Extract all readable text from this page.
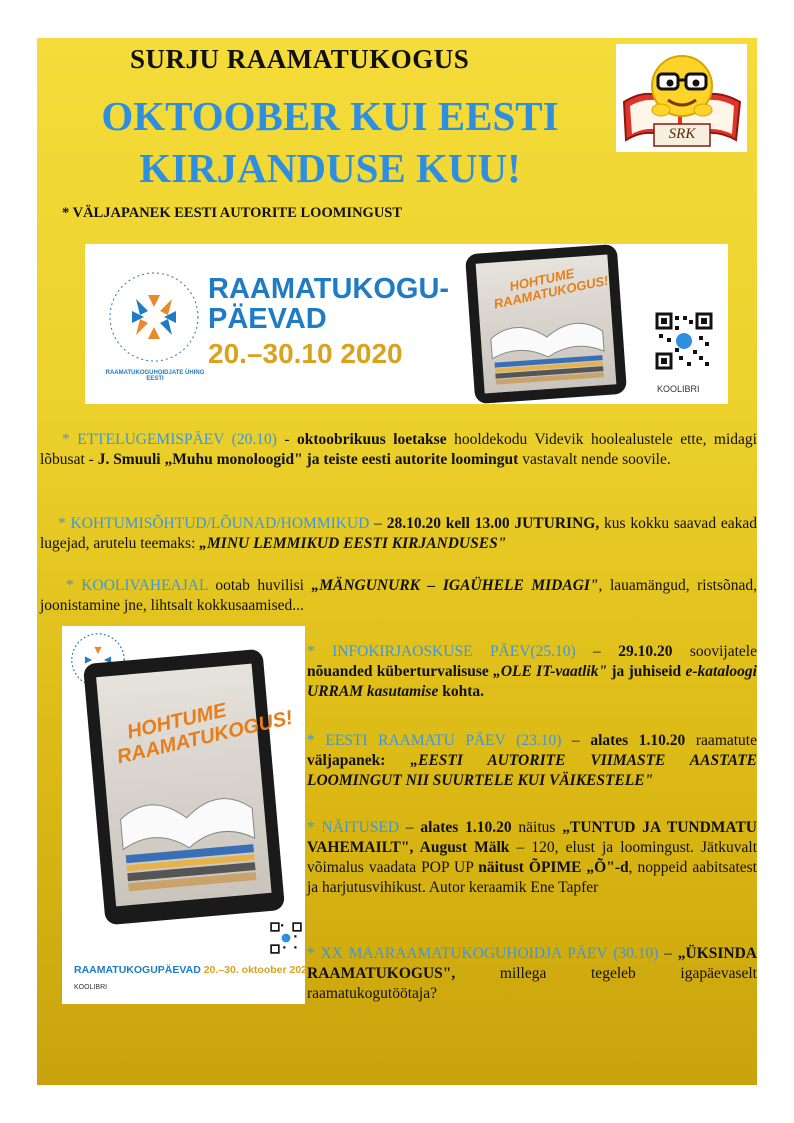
SURJU RAAMATUKOGUS
OKTOOBER KUI EESTI
KIRJANDUSE KUU!
* VÄLJAPANEK EESTI AUTORITE LOOMINGUST
SRK
RAAMATUKOGUHOIDJATE ÜHING EESTI
RAAMATUKOGU-
PÄEVAD
20.–30.10 2020
HOHTUME RAAMATUKOGUS!
KOOLIBRI
* ETTELUGEMISPÄEV (20.10) - oktoobrikuus loetakse hooldekodu Videvik hoolealustele ette, midagi lõbusat - J. Smuuli „Muhu monoloogid" ja teiste eesti autorite loomingut vastavalt nende soovile.
* KOHTUMISÕHTUD/LÕUNAD/HOMMIKUD – 28.10.20 kell 13.00 JUTURING, kus kokku saavad eakad lugejad, arutelu teemaks: „MINU LEMMIKUD EESTI KIRJANDUSES"
* KOOLIVAHEAJAL ootab huvilisi „MÄNGUNURK – IGAÜHELE MIDAGI", lauamängud, ristsõnad, joonistamine jne, lihtsalt kokkusaamised...
HOHTUME RAAMATUKOGUS!
RAAMATUKOGUPÄEVAD 20.–30. oktoober 2020
KOOLIBRI
* INFOKIRJAOSKUSE PÄEV(25.10) – 29.10.20 soovijatele nõuanded küberturvalisuse „OLE IT-vaatlik" ja juhiseid e-kataloogi URRAM kasutamise kohta.
* EESTI RAAMATU PÄEV (23.10) – alates 1.10.20 raamatute väljapanek: „EESTI AUTORITE VIIMASTE AASTATE LOOMINGUT NII SUURTELE KUI VÄIKESTELE"
* NÄITUSED – alates 1.10.20 näitus „TUNTUD JA TUNDMATU VAHEMAILT", August Mälk – 120, elust ja loomingust. Jätkuvalt võimalus vaadata POP UP näitust ÕPIME „Õ"-d, noppeid aabitsatest ja harjutusvihikust. Autor keraamik Ene Tapfer
* XX MAARAAMATUKOGUHOIDJA PÄEV (30.10) – „ÜKSINDA RAAMATUKOGUS", millega tegeleb igapäevaselt raamatukogutöötaja?
